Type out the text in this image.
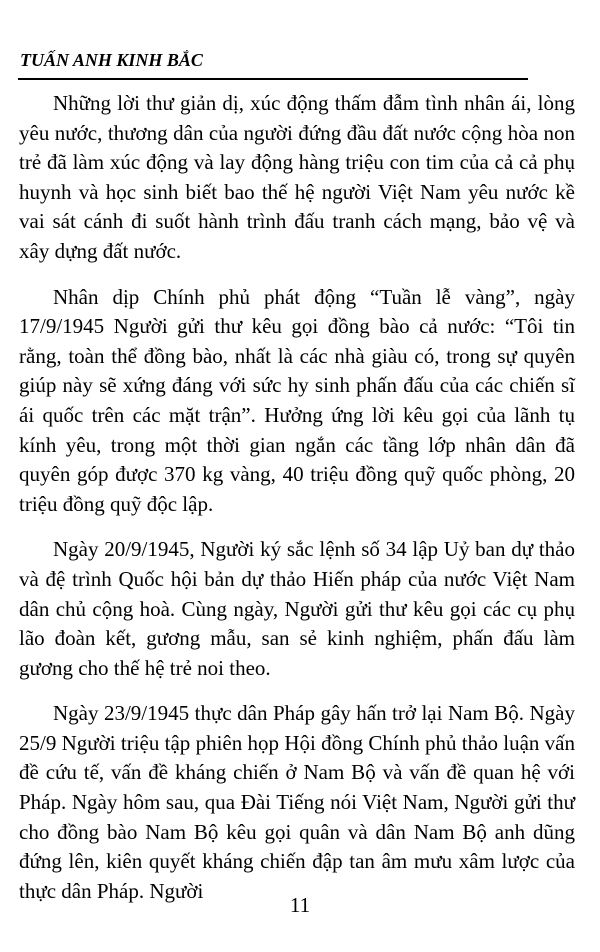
TUẤN ANH KINH BẮC

Những lời thư giản dị, xúc động thấm đẫm tình nhân ái, lòng yêu nước, thương dân của người đứng đầu đất nước cộng hòa non trẻ đã làm xúc động và lay động hàng triệu con tim của cả cả phụ huynh và học sinh biết bao thế hệ người Việt Nam yêu nước kề vai sát cánh đi suốt hành trình đấu tranh cách mạng, bảo vệ và xây dựng đất nước.

Nhân dịp Chính phủ phát động “Tuần lễ vàng”, ngày 17/9/1945 Người gửi thư kêu gọi đồng bào cả nước: “Tôi tin rằng, toàn thể đồng bào, nhất là các nhà giàu có, trong sự quyên giúp này sẽ xứng đáng với sức hy sinh phấn đấu của các chiến sĩ ái quốc trên các mặt trận”. Hưởng ứng lời kêu gọi của lãnh tụ kính yêu, trong một thời gian ngắn các tầng lớp nhân dân đã quyên góp được 370 kg vàng, 40 triệu đồng quỹ quốc phòng, 20 triệu đồng quỹ độc lập.

Ngày 20/9/1945, Người ký sắc lệnh số 34 lập Uỷ ban dự thảo và đệ trình Quốc hội bản dự thảo Hiến pháp của nước Việt Nam dân chủ cộng hoà. Cùng ngày, Người gửi thư kêu gọi các cụ phụ lão đoàn kết, gương mẫu, san sẻ kinh nghiệm, phấn đấu làm gương cho thế hệ trẻ noi theo.

Ngày 23/9/1945 thực dân Pháp gây hấn trở lại Nam Bộ. Ngày 25/9 Người triệu tập phiên họp Hội đồng Chính phủ thảo luận vấn đề cứu tế, vấn đề kháng chiến ở Nam Bộ và vấn đề quan hệ với Pháp. Ngày hôm sau, qua Đài Tiếng nói Việt Nam, Người gửi thư cho đồng bào Nam Bộ kêu gọi quân và dân Nam Bộ anh dũng đứng lên, kiên quyết kháng chiến đập tan âm mưu xâm lược của thực dân Pháp. Người

11
